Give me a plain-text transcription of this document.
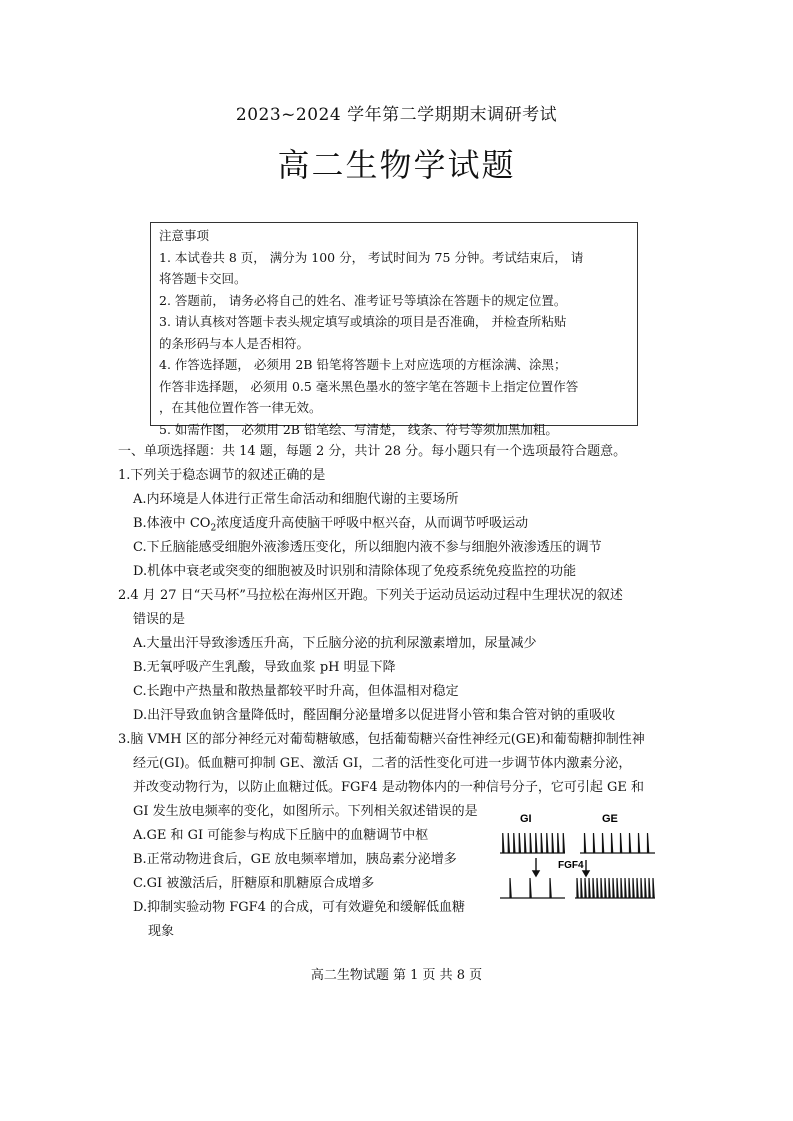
2023~2024 学年第二学期期末调研考试
高二生物学试题
注意事项
1. 本试卷共 8 页， 满分为 100 分， 考试时间为 75 分钟。考试结束后， 请
将答题卡交回。
2. 答题前， 请务必将自己的姓名、准考证号等填涂在答题卡的规定位置。
3. 请认真核对答题卡表头规定填写或填涂的项目是否准确， 并检查所粘贴
的条形码与本人是否相符。
4. 作答选择题， 必须用 2B 铅笔将答题卡上对应选项的方框涂满、涂黑；
作答非选择题， 必须用 0.5 毫米黑色墨水的签字笔在答题卡上指定位置作答
，在其他位置作答一律无效。
5. 如需作图， 必须用 2B 铅笔绘、写清楚， 线条、符号等须加黑加粗。
一、单项选择题：共 14 题，每题 2 分，共计 28 分。每小题只有一个选项最符合题意。
1.下列关于稳态调节的叙述正确的是
A.内环境是人体进行正常生命活动和细胞代谢的主要场所
B.体液中 $CO_2$浓度适度升高使脑干呼吸中枢兴奋，从而调节呼吸运动
C.下丘脑能感受细胞外液渗透压变化，所以细胞内液不参与细胞外液渗透压的调节
D.机体中衰老或突变的细胞被及时识别和清除体现了免疫系统免疫监控的功能
2.4 月 27 日“天马杯”马拉松在海州区开跑。下列关于运动员运动过程中生理状况的叙述
错误的是
A.大量出汗导致渗透压升高，下丘脑分泌的抗利尿激素增加，尿量减少
B.无氧呼吸产生乳酸，导致血浆 pH 明显下降
C.长跑中产热量和散热量都较平时升高，但体温相对稳定
D.出汗导致血钠含量降低时，醛固酮分泌量增多以促进肾小管和集合管对钠的重吸收
3.脑 VMH 区的部分神经元对葡萄糖敏感，包括葡萄糖兴奋性神经元(GE)和葡萄糖抑制性神
经元(GI)。低血糖可抑制 GE、激活 GI，二者的活性变化可进一步调节体内激素分泌，
并改变动物行为，以防止血糖过低。FGF4 是动物体内的一种信号分子，它可引起 GE 和
GI 发生放电频率的变化，如图所示。下列相关叙述错误的是
A.GE 和 GI 可能参与构成下丘脑中的血糖调节中枢
B.正常动物进食后，GE 放电频率增加，胰岛素分泌增多
C.GI 被激活后，肝糖原和肌糖原合成增多
D.抑制实验动物 FGF4 的合成，可有效避免和缓解低血糖
现象
GI	GE
FGF4
高二生物试题 第 1 页 共 8 页
